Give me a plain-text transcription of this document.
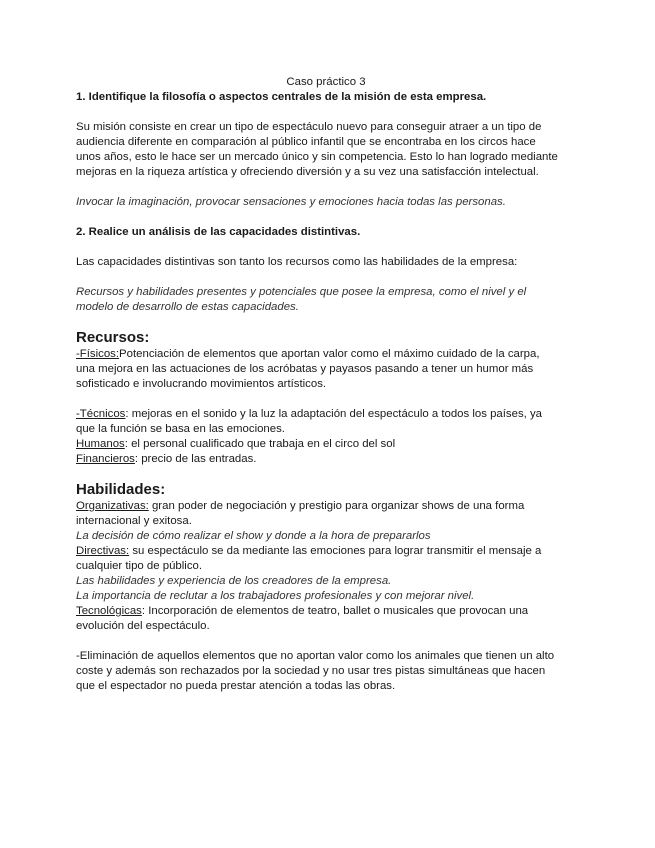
Caso práctico 3

1. Identifique la filosofía o aspectos centrales de la misión de esta empresa.

Su misión consiste en crear un tipo de espectáculo nuevo para conseguir atraer a un tipo de

audiencia diferente en comparación al público infantil que se encontraba en los circos hace

unos años, esto le hace ser un mercado único y sin competencia. Esto lo han logrado mediante

mejoras en la riqueza artística y ofreciendo diversión y a su vez una satisfacción intelectual.

Invocar la imaginación, provocar sensaciones y emociones hacia todas las personas.

2. Realice un análisis de las capacidades distintivas.

Las capacidades distintivas son tanto los recursos como las habilidades de la empresa:

Recursos y habilidades presentes y potenciales que posee la empresa, como el nivel y el

modelo de desarrollo de estas capacidades.

Recursos:

-Físicos:Potenciación de elementos que aportan valor como el máximo cuidado de la carpa,

una mejora en las actuaciones de los acróbatas y payasos pasando a tener un humor más

sofisticado e involucrando movimientos artísticos.

-Técnicos: mejoras en el sonido y la luz la adaptación del espectáculo a todos los países, ya

que la función se basa en las emociones.

Humanos: el personal cualificado que trabaja en el circo del sol

Financieros: precio de las entradas.

Habilidades:

Organizativas: gran poder de negociación y prestigio para organizar shows de una forma

internacional y exitosa.

La decisión de cómo realizar el show y donde a la hora de prepararlos

Directivas: su espectáculo se da mediante las emociones para lograr transmitir el mensaje a

cualquier tipo de público.

Las habilidades y experiencia de los creadores de la empresa.

La importancia de reclutar a los trabajadores profesionales y con mejorar nivel.

Tecnológicas: Incorporación de elementos de teatro, ballet o musicales que provocan una

evolución del espectáculo.

-Eliminación de aquellos elementos que no aportan valor como los animales que tienen un alto

coste y además son rechazados por la sociedad y no usar tres pistas simultáneas que hacen

que el espectador no pueda prestar atención a todas las obras.
